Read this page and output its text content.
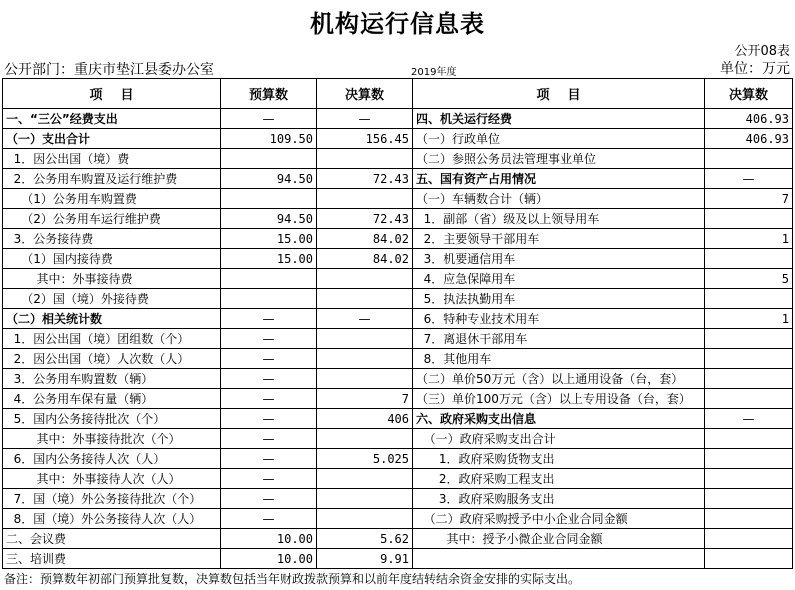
机构运行信息表
公开08表
公开部门：重庆市垫江县委办公室	2019年度	单位：万元
项    目	预算数	决算数	项    目	决算数
一、“三公”经费支出	—	—	四、机关运行经费	406.93
（一）支出合计	109.50	156.45	（一）行政单位	406.93
1．因公出国（境）费			（二）参照公务员法管理事业单位	
2．公务用车购置及运行维护费	94.50	72.43	五、国有资产占用情况	—
（1）公务用车购置费			（一）车辆数合计（辆）	7
（2）公务用车运行维护费	94.50	72.43	1．副部（省）级及以上领导用车	
3．公务接待费	15.00	84.02	2．主要领导干部用车	1
（1）国内接待费	15.00	84.02	3．机要通信用车	
其中：外事接待费			4．应急保障用车	5
（2）国（境）外接待费			5．执法执勤用车	
（二）相关统计数	—	—	6．特种专业技术用车	1
1．因公出国（境）团组数（个）	—		7．离退休干部用车	
2．因公出国（境）人次数（人）	—		8．其他用车	
3．公务用车购置数（辆）	—		（二）单价50万元（含）以上通用设备（台，套）	
4．公务用车保有量（辆）	—	7	（三）单价100万元（含）以上专用设备（台，套）	
5．国内公务接待批次（个）	—	406	六、政府采购支出信息	—
其中：外事接待批次（个）	—		（一）政府采购支出合计	
6．国内公务接待人次（人）	—	5.025	1．政府采购货物支出	
其中：外事接待人次（人）	—		2．政府采购工程支出	
7．国（境）外公务接待批次（个）	—		3．政府采购服务支出	
8．国（境）外公务接待人次（人）	—		（二）政府采购授予中小企业合同金额	
二、会议费	10.00	5.62	其中：授予小微企业合同金额	
三、培训费	10.00	9.91		
备注：预算数年初部门预算批复数，决算数包括当年财政拨款预算和以前年度结转结余资金安排的实际支出。
